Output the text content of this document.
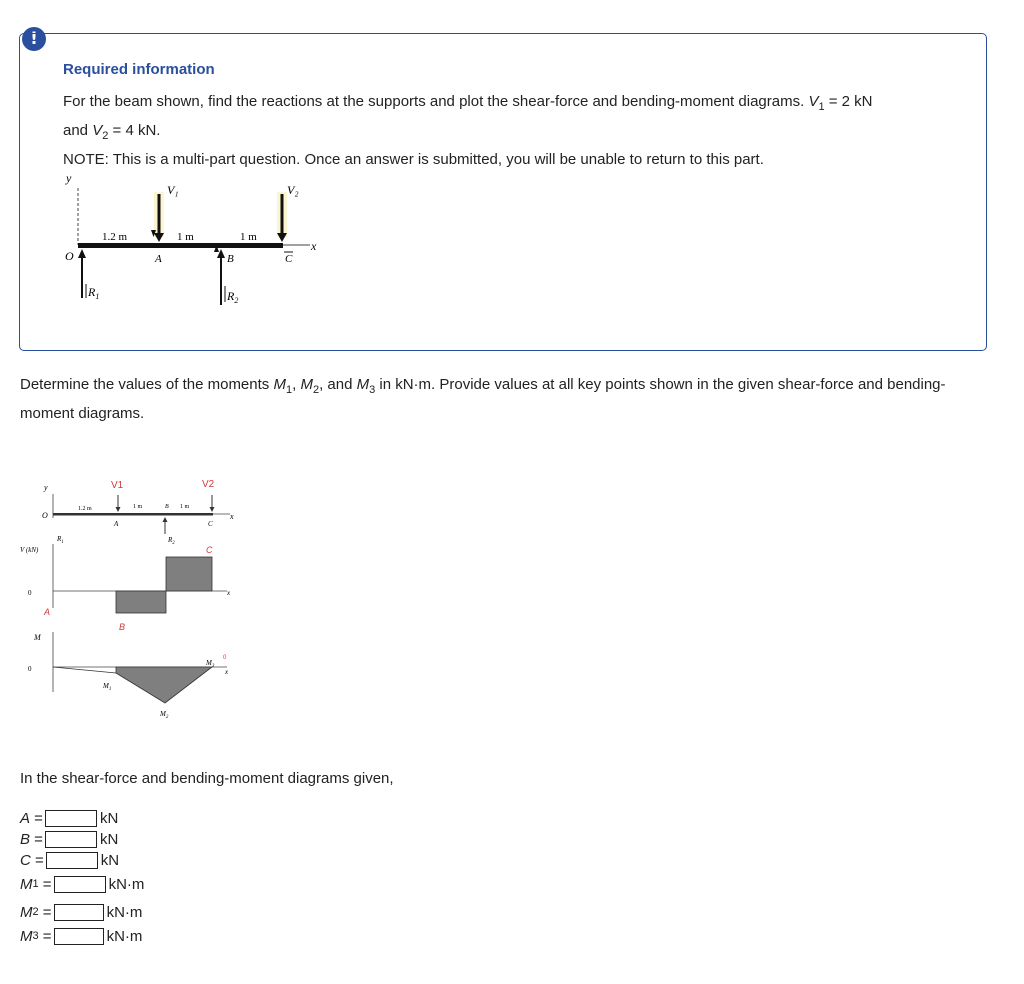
!
Required information

For the beam shown, find the reactions at the supports and plot the shear-force and bending-moment diagrams. $V_1 = 2$ kN

and $V_2 = 4$ kN.

NOTE: This is a multi-part question. Once an answer is submitted, you will be unable to return to this part.

y
x
O
V₁	V₂
1.2 m	1 m	1 m
A	B	C
$R_1$	$R_2$
Determine the values of the moments $M_1$, $M_2$, and $M_3$ in kN·m. Provide values at all key points shown in the given shear-force and bending-moment diagrams.
y
x
O
V1	V2
1.2 m	1 m	B 1 m
A	C
$R_1$	$R_2$
V (kN)
x
0
A
B
C
M
x
0
$M_1$
$M_2$
$M_3$
0
In the shear-force and bending-moment diagrams given,
A =	kN
B =	kN
C =	kN
M 1 =	kN·m
M 2 =	kN·m
M 3 =	kN·m
